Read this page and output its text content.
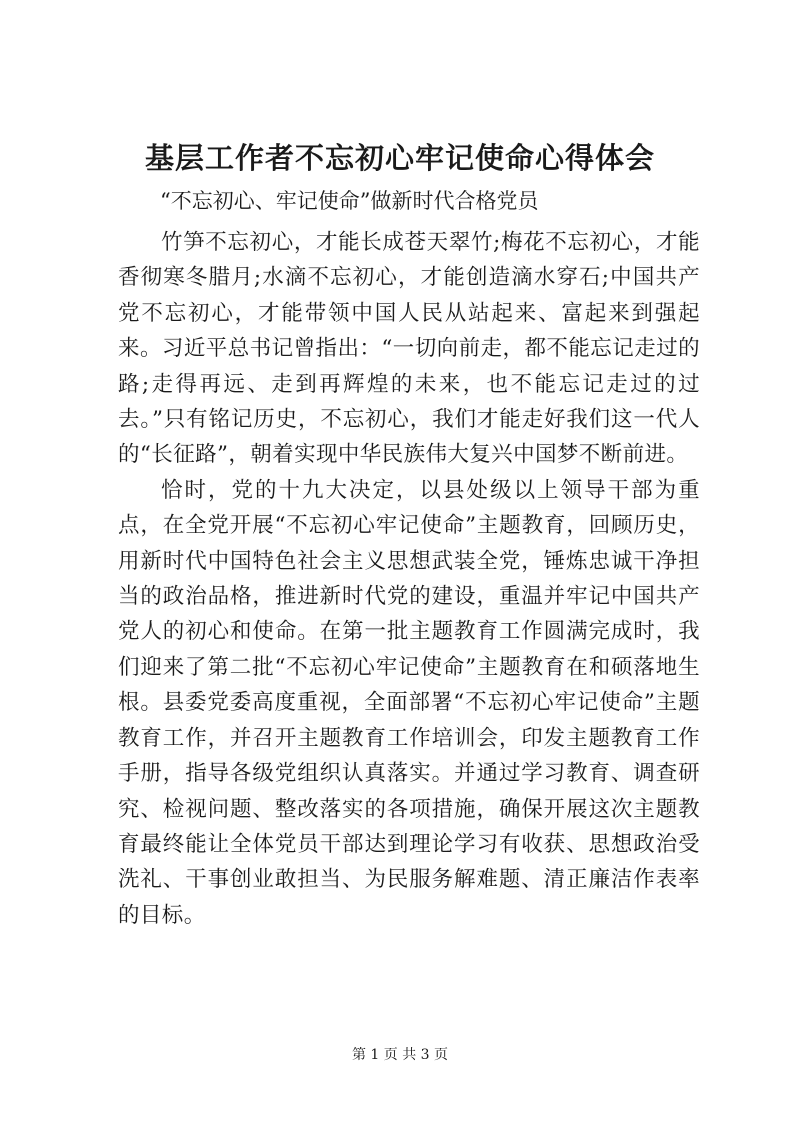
基层工作者不忘初心牢记使命心得体会

“不忘初心、牢记使命”做新时代合格党员

竹笋不忘初心，才能长成苍天翠竹;梅花不忘初心，才能香彻寒冬腊月;水滴不忘初心，才能创造滴水穿石;中国共产党不忘初心，才能带领中国人民从站起来、富起来到强起来。习近平总书记曾指出：“一切向前走，都不能忘记走过的路;走得再远、走到再辉煌的未来，也不能忘记走过的过去。”只有铭记历史，不忘初心，我们才能走好我们这一代人的“长征路”，朝着实现中华民族伟大复兴中国梦不断前进。

恰时，党的十九大决定，以县处级以上领导干部为重点，在全党开展“不忘初心牢记使命”主题教育，回顾历史，用新时代中国特色社会主义思想武装全党，锤炼忠诚干净担当的政治品格，推进新时代党的建设，重温并牢记中国共产党人的初心和使命。在第一批主题教育工作圆满完成时，我们迎来了第二批“不忘初心牢记使命”主题教育在和硕落地生根。县委党委高度重视，全面部署“不忘初心牢记使命”主题教育工作，并召开主题教育工作培训会，印发主题教育工作手册，指导各级党组织认真落实。并通过学习教育、调查研究、检视问题、整改落实的各项措施，确保开展这次主题教育最终能让全体党员干部达到理论学习有收获、思想政治受洗礼、干事创业敢担当、为民服务解难题、清正廉洁作表率的目标。

第 1 页 共 3 页
